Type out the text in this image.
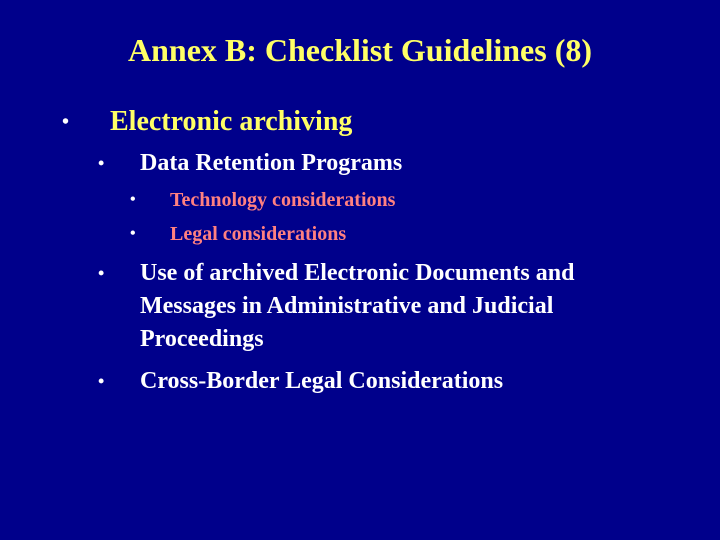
Annex B: Checklist Guidelines (8)
• Electronic archiving
• Data Retention Programs
• Technology considerations
• Legal considerations
• Use of archived Electronic Documents and
Messages in Administrative and Judicial
Proceedings
• Cross-Border Legal Considerations
